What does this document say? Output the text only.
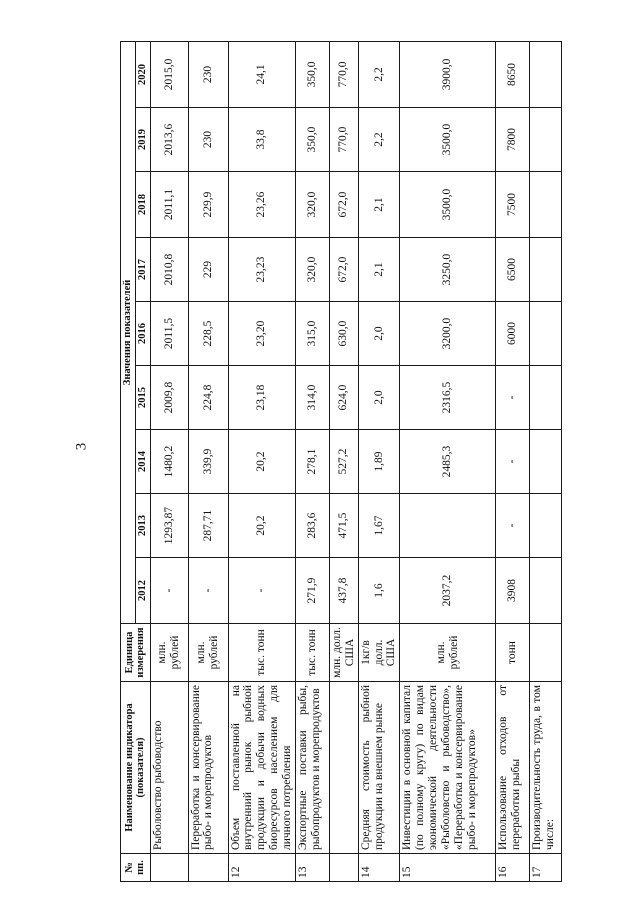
3
№ пп.	Наименование индикатора (показателя)	Единица измерения	Значения показателей								
			2012	2013	2014	2015	2016	2017	2018	2019	2020
	Рыболовство рыбоводство	млн. рублей	-	1293,87	1480,2	2009,8	2011,5	2010,8	2011,1	2013,6	2015,0
	Переработка и консервирование рыбо- и морепродуктов	млн. рублей	-	287,71	339,9	224,8	228,5	229	229,9	230	230
12	Объем поставленной на внутренний рынок рыбной продукции и добычи водных биоресурсов населением для личного потребления	тыс. тонн	-	20,2	20,2	23,18	23,20	23,23	23,26	33,8	24,1
13	Экспортные поставки рыбы, рыбопродуктов и морепродуктов	тыс. тонн	271,9	283,6	278,1	314,0	315,0	320,0	320,0	350,0	350,0
		млн. долл. США	437,8	471,5	527,2	624,0	630,0	672,0	672,0	770,0	770,0
14	Средняя стоимость рыбной продукции на внешнем рынке	1кг/в долл. США	1,6	1,67	1,89	2,0	2,0	2,1	2,1	2,2	2,2
15	Инвестиции в основной капитал (по полному кругу) по видам экономической деятельности «Рыболовство и рыбоводство», «Переработка и консервирование рыбо- и морепродуктов»	млн. рублей	2037,2		2485,3	2316,5	3200,0	3250,0	3500,0	3500,0	3900,0
16	Использование отходов от переработки рыбы	тонн	3908	-	-	-	6000	6500	7500	7800	8650
17	Производительность труда, в том числе:										
